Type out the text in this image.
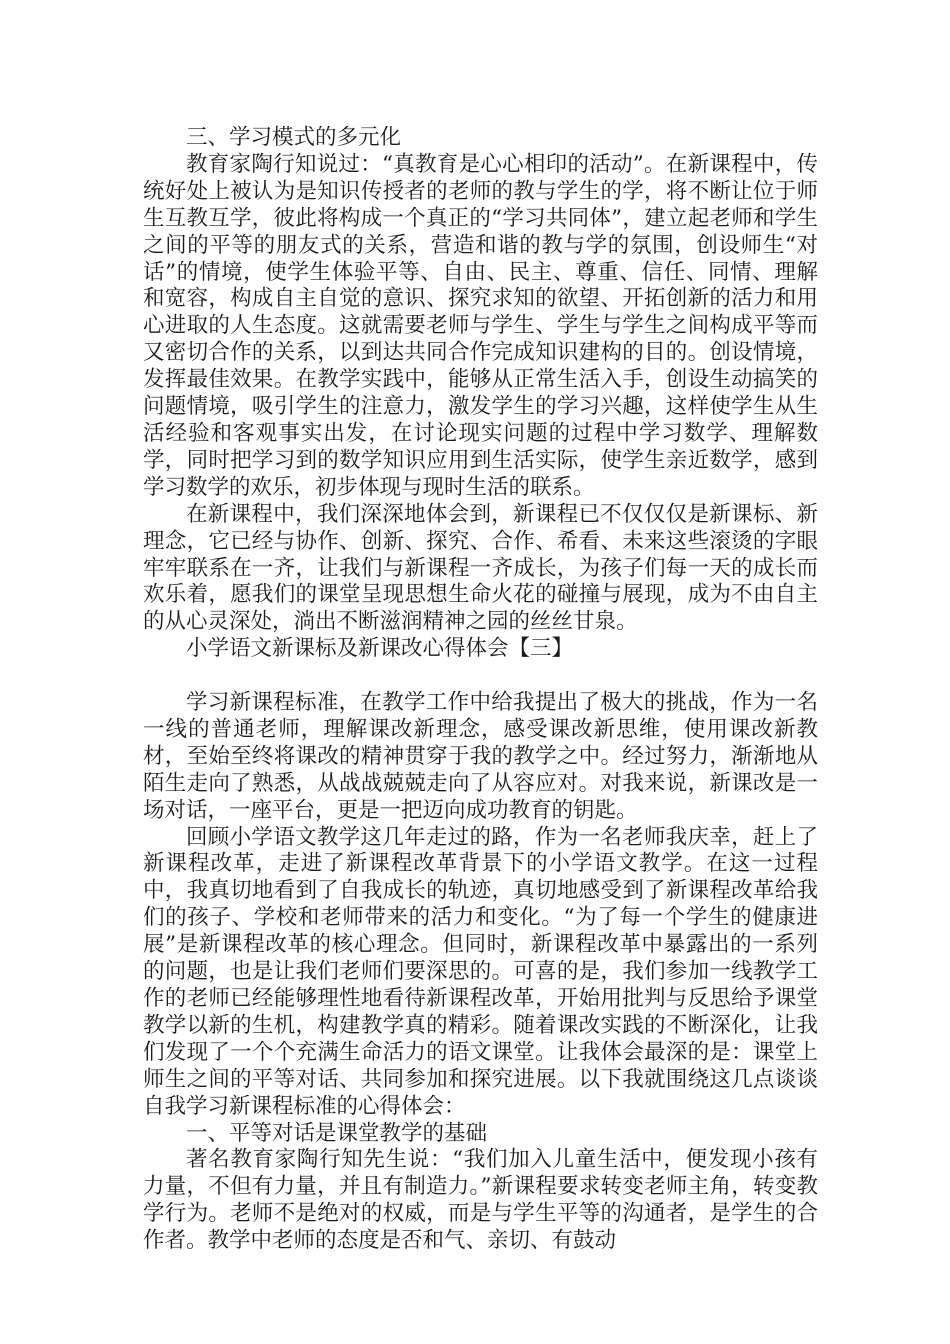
三、学习模式的多元化

教育家陶行知说过：“真教育是心心相印的活动”。在新课程中，传统好处上被认为是知识传授者的老师的教与学生的学，将不断让位于师生互教互学，彼此将构成一个真正的“学习共同体”，建立起老师和学生之间的平等的朋友式的关系，营造和谐的教与学的氛围，创设师生“对话”的情境，使学生体验平等、自由、民主、尊重、信任、同情、理解和宽容，构成自主自觉的意识、探究求知的欲望、开拓创新的活力和用心进取的人生态度。这就需要老师与学生、学生与学生之间构成平等而又密切合作的关系，以到达共同合作完成知识建构的目的。创设情境，发挥最佳效果。在教学实践中，能够从正常生活入手，创设生动搞笑的问题情境，吸引学生的注意力，激发学生的学习兴趣，这样使学生从生活经验和客观事实出发，在讨论现实问题的过程中学习数学、理解数学，同时把学习到的数学知识应用到生活实际，使学生亲近数学，感到学习数学的欢乐，初步体现与现时生活的联系。

在新课程中，我们深深地体会到，新课程已不仅仅仅是新课标、新理念，它已经与协作、创新、探究、合作、希看、未来这些滚烫的字眼牢牢联系在一齐，让我们与新课程一齐成长，为孩子们每一天的成长而欢乐着，愿我们的课堂呈现思想生命火花的碰撞与展现，成为不由自主的从心灵深处，淌出不断滋润精神之园的丝丝甘泉。

小学语文新课标及新课改心得体会【三】

学习新课程标准，在教学工作中给我提出了极大的挑战，作为一名一线的普通老师，理解课改新理念，感受课改新思维，使用课改新教材，至始至终将课改的精神贯穿于我的教学之中。经过努力，渐渐地从陌生走向了熟悉，从战战兢兢走向了从容应对。对我来说，新课改是一场对话，一座平台，更是一把迈向成功教育的钥匙。

回顾小学语文教学这几年走过的路，作为一名老师我庆幸，赶上了新课程改革，走进了新课程改革背景下的小学语文教学。在这一过程中，我真切地看到了自我成长的轨迹，真切地感受到了新课程改革给我们的孩子、学校和老师带来的活力和变化。“为了每一个学生的健康进展”是新课程改革的核心理念。但同时，新课程改革中暴露出的一系列的问题，也是让我们老师们要深思的。可喜的是，我们参加一线教学工作的老师已经能够理性地看待新课程改革，开始用批判与反思给予课堂教学以新的生机，构建教学真的精彩。随着课改实践的不断深化，让我们发现了一个个充满生命活力的语文课堂。让我体会最深的是：课堂上师生之间的平等对话、共同参加和探究进展。以下我就围绕这几点谈谈自我学习新课程标准的心得体会：

一、平等对话是课堂教学的基础

著名教育家陶行知先生说：“我们加入儿童生活中，便发现小孩有力量，不但有力量，并且有制造力。”新课程要求转变老师主角，转变教学行为。老师不是绝对的权威，而是与学生平等的沟通者，是学生的合作者。教学中老师的态度是否和气、亲切、有鼓动
